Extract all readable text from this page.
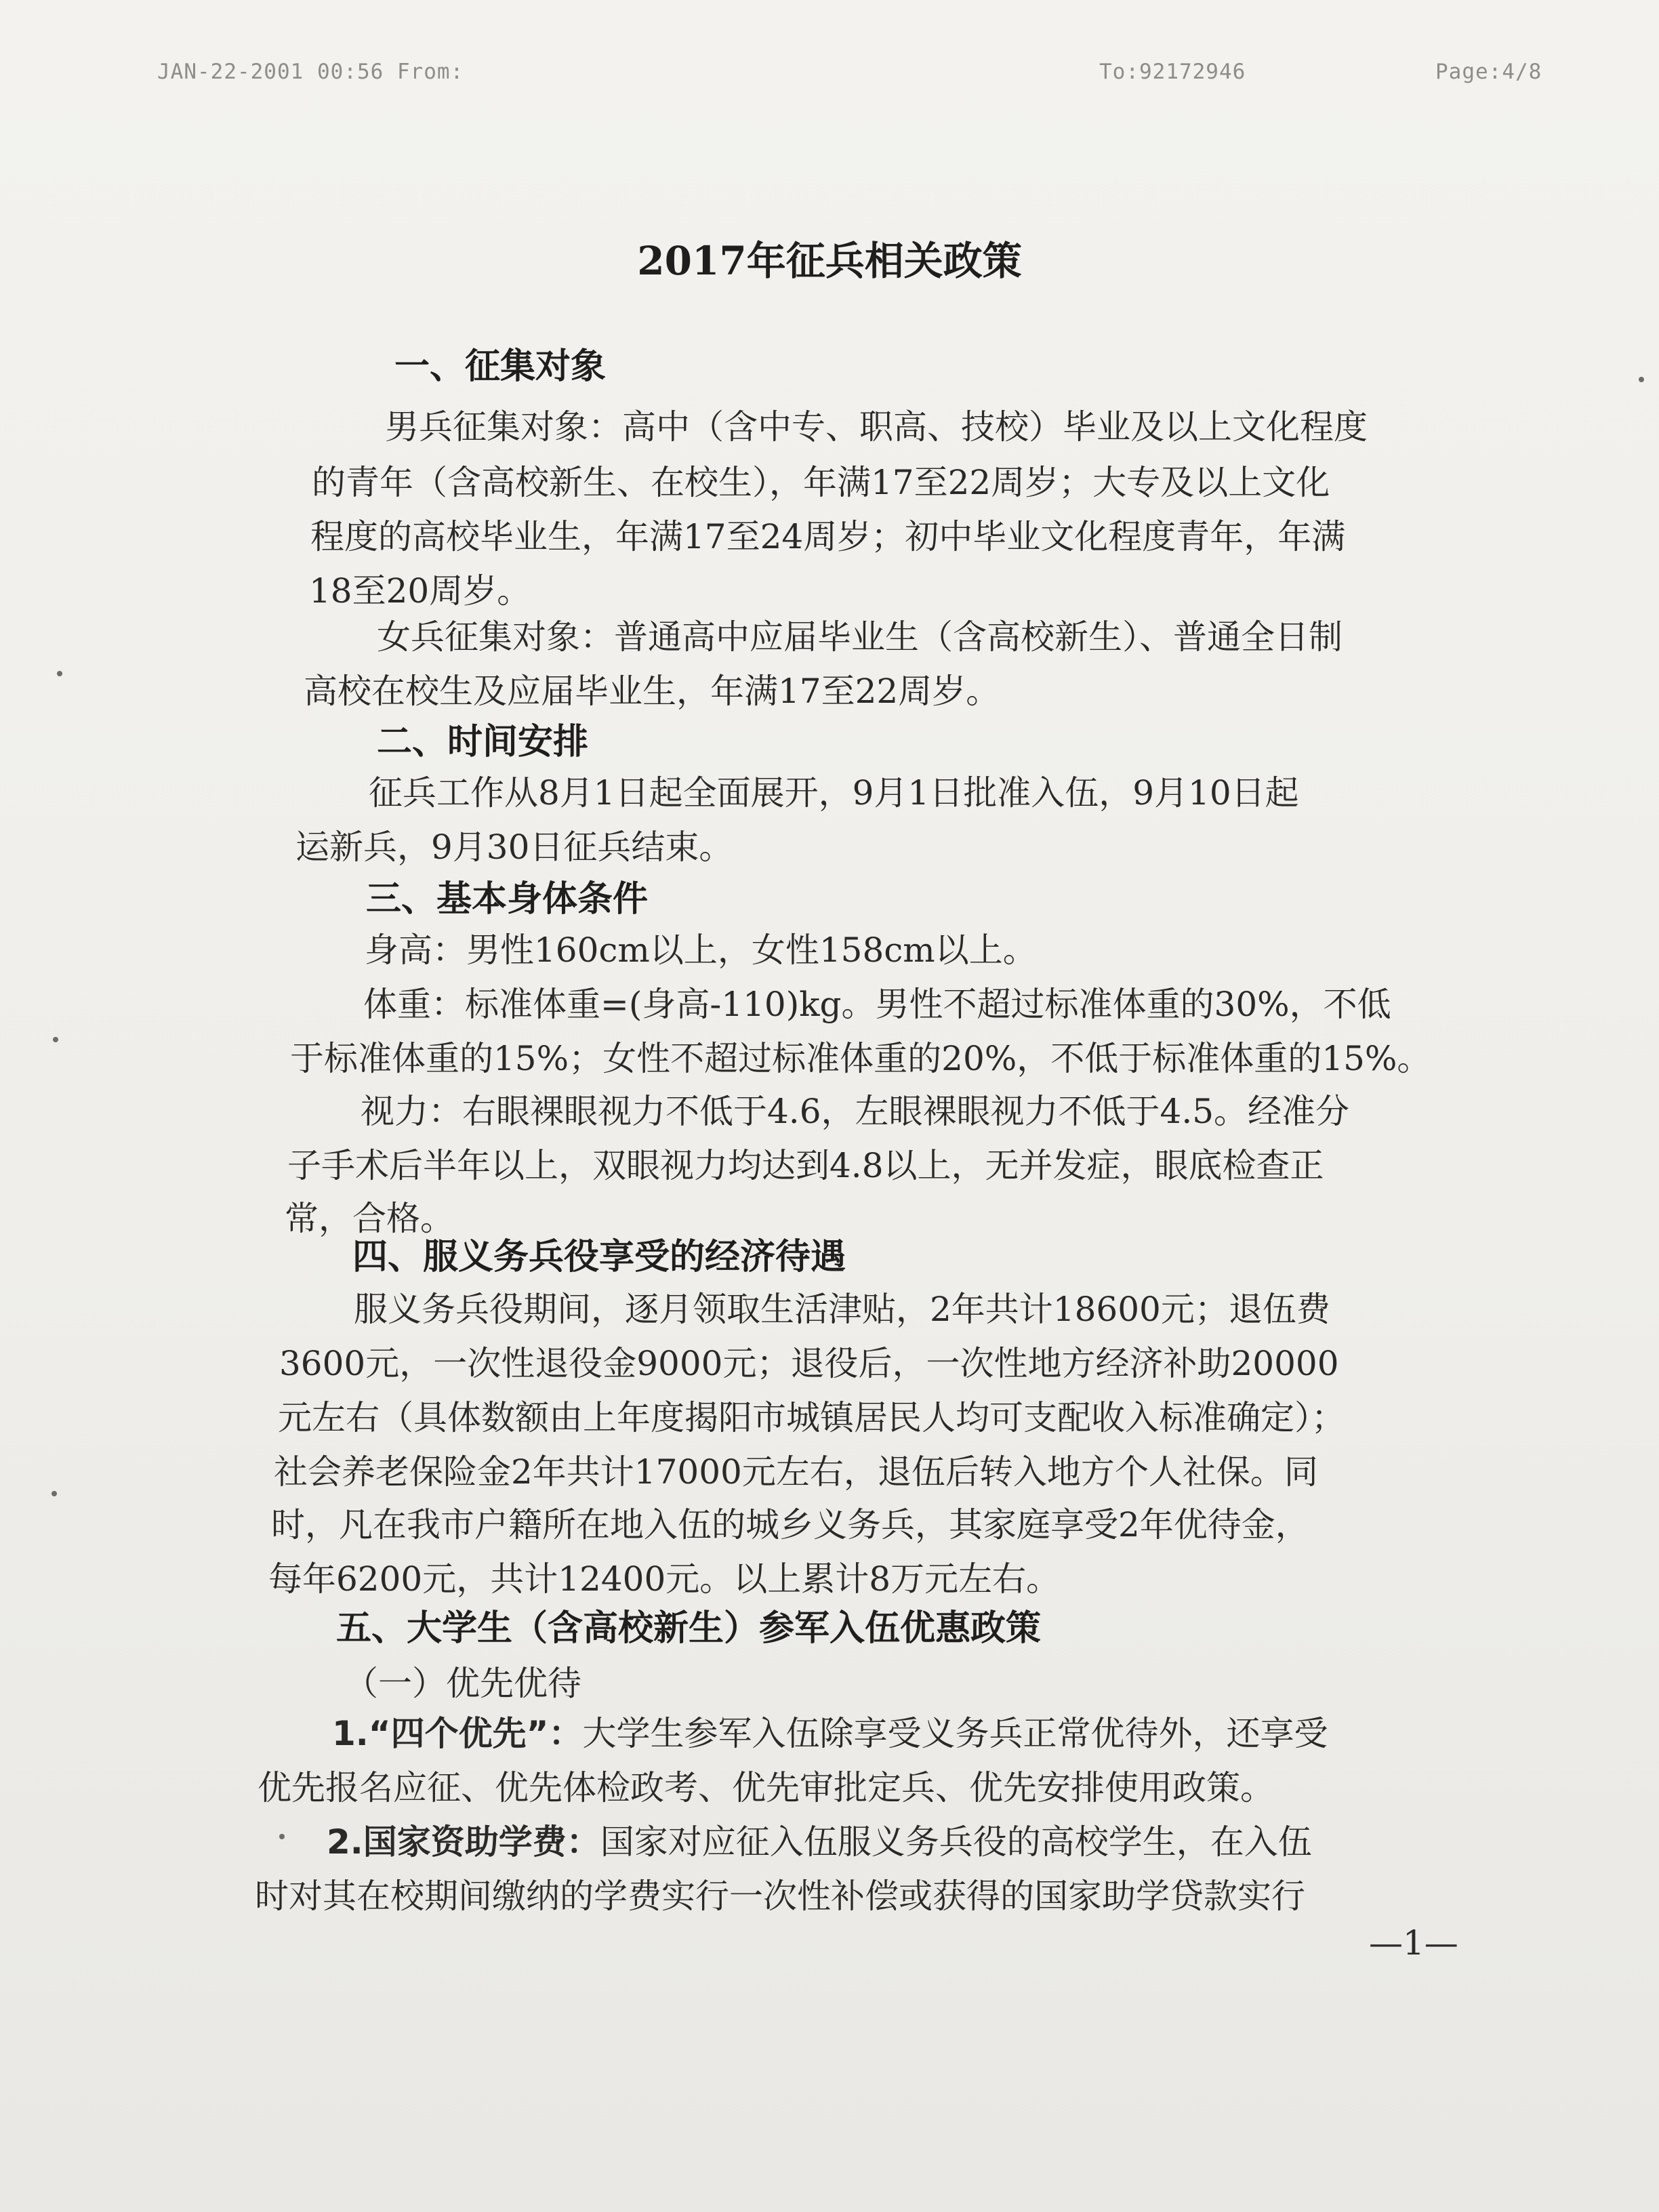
JAN-22-2001 00:56 From:	To:92172946	Page:4/8
2017年征兵相关政策
一、征集对象
男兵征集对象：高中（含中专、职高、技校）毕业及以上文化程度
的青年（含高校新生、在校生），年满17至22周岁；大专及以上文化
程度的高校毕业生，年满17至24周岁；初中毕业文化程度青年，年满
18至20周岁。
女兵征集对象：普通高中应届毕业生（含高校新生）、普通全日制
高校在校生及应届毕业生，年满17至22周岁。
二、时间安排
征兵工作从8月1日起全面展开，9月1日批准入伍，9月10日起
运新兵，9月30日征兵结束。
三、基本身体条件
身高：男性160cm以上，女性158cm以上。
体重：标准体重=(身高-110)kg。男性不超过标准体重的30%，不低
于标准体重的15%；女性不超过标准体重的20%，不低于标准体重的15%。
视力：右眼裸眼视力不低于4.6，左眼裸眼视力不低于4.5。经准分
子手术后半年以上，双眼视力均达到4.8以上，无并发症，眼底检查正
常，合格。
四、服义务兵役享受的经济待遇
服义务兵役期间，逐月领取生活津贴，2年共计18600元；退伍费
3600元，一次性退役金9000元；退役后，一次性地方经济补助20000
元左右（具体数额由上年度揭阳市城镇居民人均可支配收入标准确定）；
社会养老保险金2年共计17000元左右，退伍后转入地方个人社保。同
时，凡在我市户籍所在地入伍的城乡义务兵，其家庭享受2年优待金，
每年6200元，共计12400元。以上累计8万元左右。
五、大学生（含高校新生）参军入伍优惠政策
（一）优先优待
1.“四个优先”：大学生参军入伍除享受义务兵正常优待外，还享受
优先报名应征、优先体检政考、优先审批定兵、优先安排使用政策。
2.国家资助学费：国家对应征入伍服义务兵役的高校学生，在入伍
时对其在校期间缴纳的学费实行一次性补偿或获得的国家助学贷款实行
—1—
